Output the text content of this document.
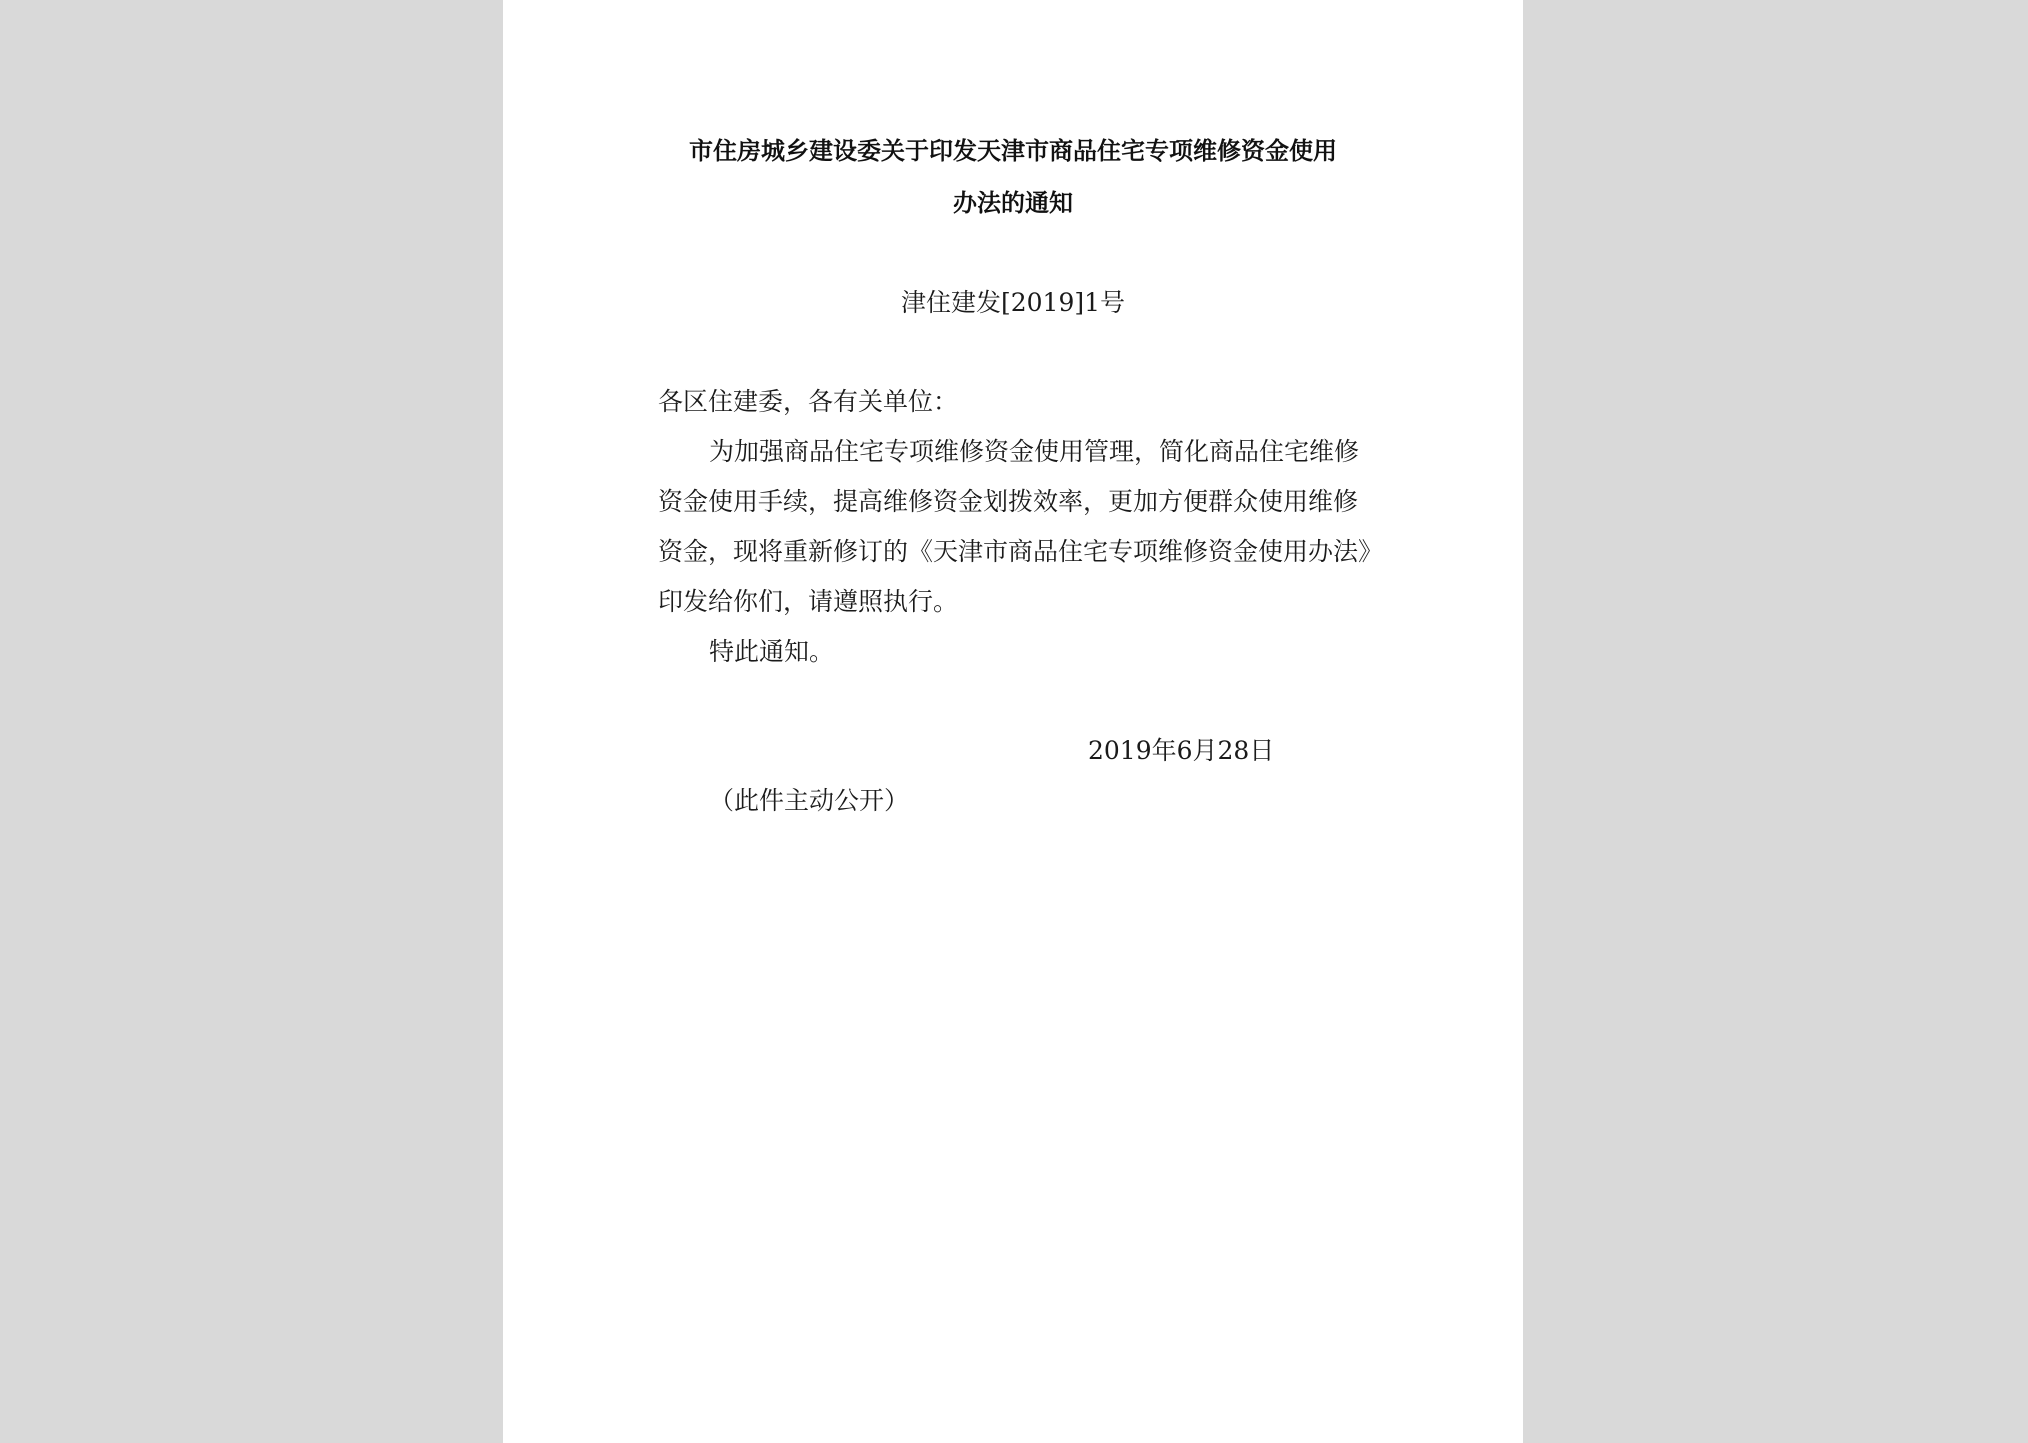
市住房城乡建设委关于印发天津市商品住宅专项维修资金使用
办法的通知
津住建发[2019]1号
各区住建委，各有关单位：
为加强商品住宅专项维修资金使用管理，简化商品住宅维修
资金使用手续，提高维修资金划拨效率，更加方便群众使用维修
资金，现将重新修订的《天津市商品住宅专项维修资金使用办法》
印发给你们，请遵照执行。
特此通知。
2019年6月28日
（此件主动公开）
